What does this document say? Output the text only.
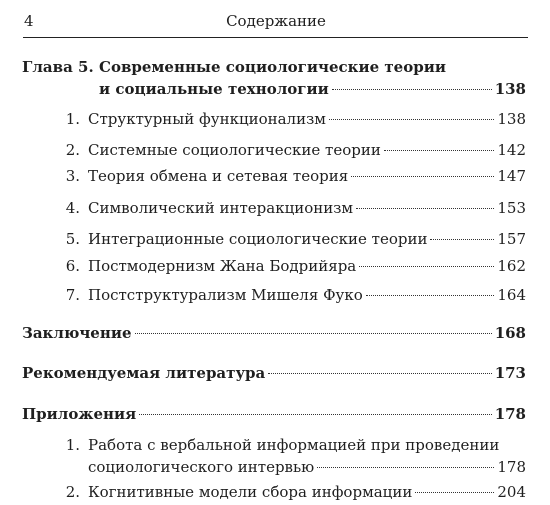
4	Содержание
Глава 5. Современные социологические теории
и социальные технологии	138
1. Структурный функционализм	138
2. Системные социологические теории	142
3. Теория обмена и сетевая теория	147
4. Символический интеракционизм	153
5. Интеграционные социологические теории	157
6. Постмодернизм Жана Бодрийяра	162
7. Постструктурализм Мишеля Фуко	164
Заключение	168
Рекомендуемая литература	173
Приложения	178
1. Работа с вербальной информацией при проведении
социологического интервью	178
2. Когнитивные модели сбора информации	204
